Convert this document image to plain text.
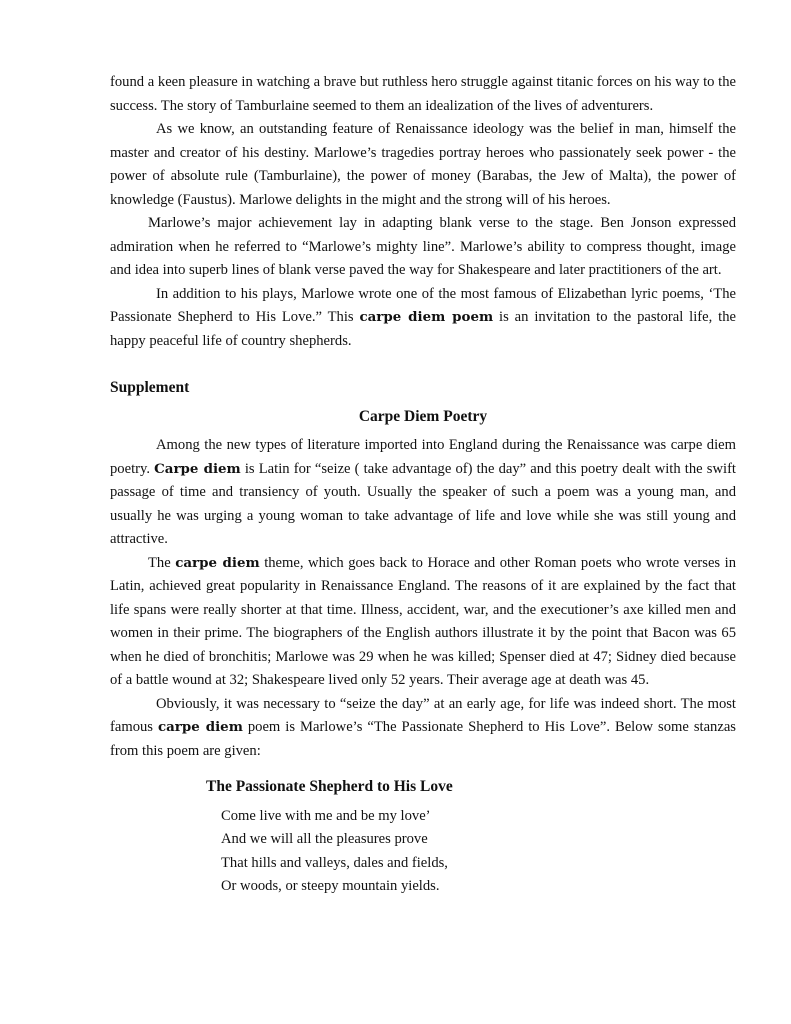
found a keen pleasure in watching a brave but ruthless hero struggle against titanic forces on his way to the success. The story of Tamburlaine seemed to them an idealization of the lives of adventurers.

As we know, an outstanding feature of Renaissance ideology was the belief in man, himself the master and creator of his destiny. Marlowe’s tragedies portray heroes who passionately seek power - the power of absolute rule (Tamburlaine), the power of money (Barabas, the Jew of Malta), the power of knowledge (Faustus). Marlowe delights in the might and the strong will of his heroes.

Marlowe’s major achievement lay in adapting blank verse to the stage. Ben Jonson expressed admiration when he referred to “Marlowe’s mighty line”. Marlowe’s ability to compress thought, image and idea into superb lines of blank verse paved the way for Shakespeare and later practitioners of the art.

In addition to his plays, Marlowe wrote one of the most famous of Elizabethan lyric poems, ‘The Passionate Shepherd to His Love.” This carpe diem poem is an invitation to the pastoral life, the happy peaceful life of country shepherds.

Supplement

Carpe Diem Poetry

Among the new types of literature imported into England during the Renaissance was carpe diem poetry. Carpe diem is Latin for “seize ( take advantage of) the day” and this poetry dealt with the swift passage of time and transiency of youth. Usually the speaker of such a poem was a young man, and usually he was urging a young woman to take advantage of life and love while she was still young and attractive.

The carpe diem theme, which goes back to Horace and other Roman poets who wrote verses in Latin, achieved great popularity in Renaissance England. The reasons of it are explained by the fact that life spans were really shorter at that time. Illness, accident, war, and the executioner’s axe killed men and women in their prime. The biographers of the English authors illustrate it by the point that Bacon was 65 when he died of bronchitis; Marlowe was 29 when he was killed; Spenser died at 47; Sidney died because of a battle wound at 32; Shakespeare lived only 52 years. Their average age at death was 45.

Obviously, it was necessary to “seize the day” at an early age, for life was indeed short. The most famous carpe diem poem is Marlowe’s “The Passionate Shepherd to His Love”. Below some stanzas from this poem are given:

The Passionate Shepherd to His Love

Come live with me and be my love’
And we will all the pleasures prove
That hills and valleys, dales and fields,
Or woods, or steepy mountain yields.
